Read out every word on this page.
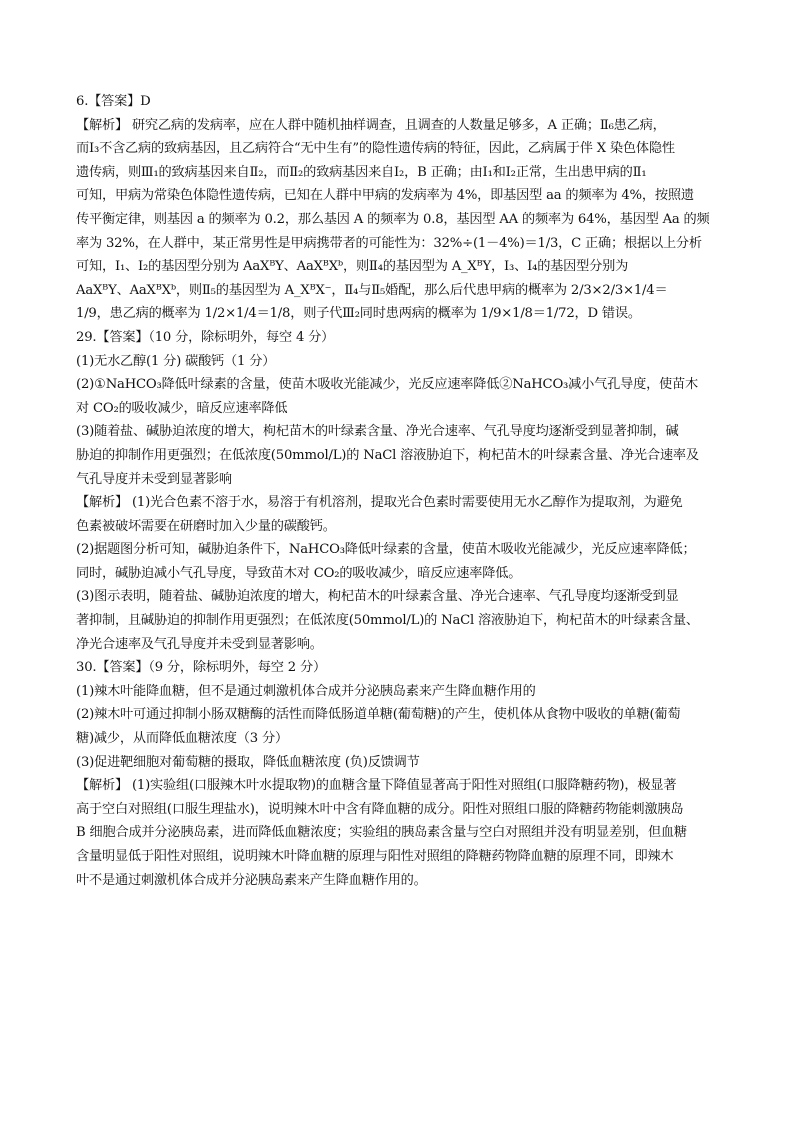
6.【答案】D
【解析】 研究乙病的发病率，应在人群中随机抽样调查，且调查的人数量足够多，A 正确；Ⅱ₆患乙病，
而Ⅰ₃不含乙病的致病基因，且乙病符合“无中生有”的隐性遗传病的特征，因此，乙病属于伴 X 染色体隐性
遗传病，则Ⅲ₁的致病基因来自Ⅱ₂，而Ⅱ₂的致病基因来自Ⅰ₂，B 正确；由Ⅰ₁和Ⅰ₂正常，生出患甲病的Ⅱ₁
可知，甲病为常染色体隐性遗传病，已知在人群中甲病的发病率为 4%，即基因型 aa 的频率为 4%，按照遗
传平衡定律，则基因 a 的频率为 0.2，那么基因 A 的频率为 0.8，基因型 AA 的频率为 64%，基因型 Aa 的频
率为 32%，在人群中，某正常男性是甲病携带者的可能性为：32%÷(1－4%)＝1/3，C 正确；根据以上分析
可知，Ⅰ₁、Ⅰ₂的基因型分别为 AaXᴮY、AaXᴮXᵇ，则Ⅱ₄的基因型为 A_XᴮY，Ⅰ₃、Ⅰ₄的基因型分别为
AaXᴮY、AaXᴮXᵇ，则Ⅱ₅的基因型为 A_XᴮX⁻，Ⅱ₄与Ⅱ₅婚配，那么后代患甲病的概率为 2/3×2/3×1/4＝
1/9，患乙病的概率为 1/2×1/4＝1/8，则子代Ⅲ₂同时患两病的概率为 1/9×1/8＝1/72，D 错误。
29.【答案】（10 分，除标明外，每空 4 分）
(1)无水乙醇(1 分) 碳酸钙（1 分）
(2)①NaHCO₃降低叶绿素的含量，使苗木吸收光能减少，光反应速率降低②NaHCO₃减小气孔导度，使苗木
对 CO₂的吸收减少，暗反应速率降低
(3)随着盐、碱胁迫浓度的增大，枸杞苗木的叶绿素含量、净光合速率、气孔导度均逐渐受到显著抑制，碱
胁迫的抑制作用更强烈；在低浓度(50mmol/L)的 NaCl 溶液胁迫下，枸杞苗木的叶绿素含量、净光合速率及
气孔导度并未受到显著影响
【解析】 (1)光合色素不溶于水，易溶于有机溶剂，提取光合色素时需要使用无水乙醇作为提取剂，为避免
色素被破坏需要在研磨时加入少量的碳酸钙。
(2)据题图分析可知，碱胁迫条件下，NaHCO₃降低叶绿素的含量，使苗木吸收光能减少，光反应速率降低；
同时，碱胁迫减小气孔导度，导致苗木对 CO₂的吸收减少，暗反应速率降低。
(3)图示表明，随着盐、碱胁迫浓度的增大，枸杞苗木的叶绿素含量、净光合速率、气孔导度均逐渐受到显
著抑制，且碱胁迫的抑制作用更强烈；在低浓度(50mmol/L)的 NaCl 溶液胁迫下，枸杞苗木的叶绿素含量、
净光合速率及气孔导度并未受到显著影响。
30.【答案】（9 分，除标明外，每空 2 分）
(1)辣木叶能降血糖，但不是通过刺激机体合成并分泌胰岛素来产生降血糖作用的
(2)辣木叶可通过抑制小肠双糖酶的活性而降低肠道单糖(葡萄糖)的产生，使机体从食物中吸收的单糖(葡萄
糖)减少，从而降低血糖浓度（3 分）
(3)促进靶细胞对葡萄糖的摄取，降低血糖浓度 (负)反馈调节
【解析】 (1)实验组(口服辣木叶水提取物)的血糖含量下降值显著高于阳性对照组(口服降糖药物)，极显著
高于空白对照组(口服生理盐水)，说明辣木叶中含有降血糖的成分。阳性对照组口服的降糖药物能刺激胰岛
B 细胞合成并分泌胰岛素，进而降低血糖浓度；实验组的胰岛素含量与空白对照组并没有明显差别，但血糖
含量明显低于阳性对照组，说明辣木叶降血糖的原理与阳性对照组的降糖药物降血糖的原理不同，即辣木
叶不是通过刺激机体合成并分泌胰岛素来产生降血糖作用的。
